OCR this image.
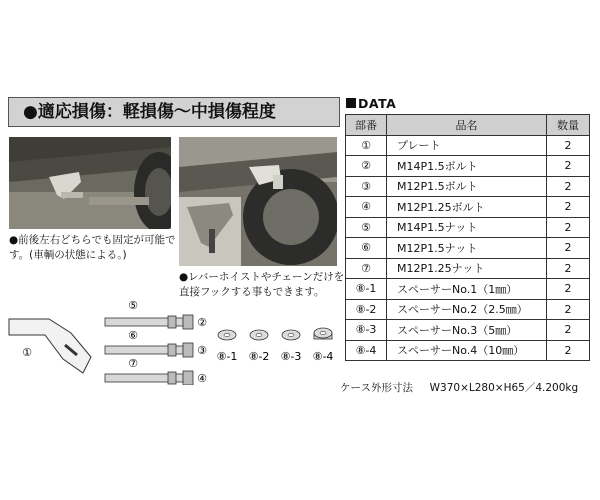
●適応損傷：軽損傷〜中損傷程度
●前後左右どちらでも固定が可能です。(車輌の状態による。)
●レバーホイストやチェーンだけを直接フックする事もできます。
①
⑤
②
⑥
③
⑦
④
⑧-1 ⑧-2 ⑧-3 ⑧-4
DATA
部番	品名	数量
①	プレート	2
②	M14P1.5ボルト	2
③	M12P1.5ボルト	2
④	M12P1.25ボルト	2
⑤	M14P1.5ナット	2
⑥	M12P1.5ナット	2
⑦	M12P1.25ナット	2
⑧-1	スペーサーNo.1（1㎜）	2
⑧-2	スペーサーNo.2（2.5㎜）	2
⑧-3	スペーサーNo.3（5㎜）	2
⑧-4	スペーサーNo.4（10㎜）	2
ケース外形寸法 W370×L280×H65／4.200kg
